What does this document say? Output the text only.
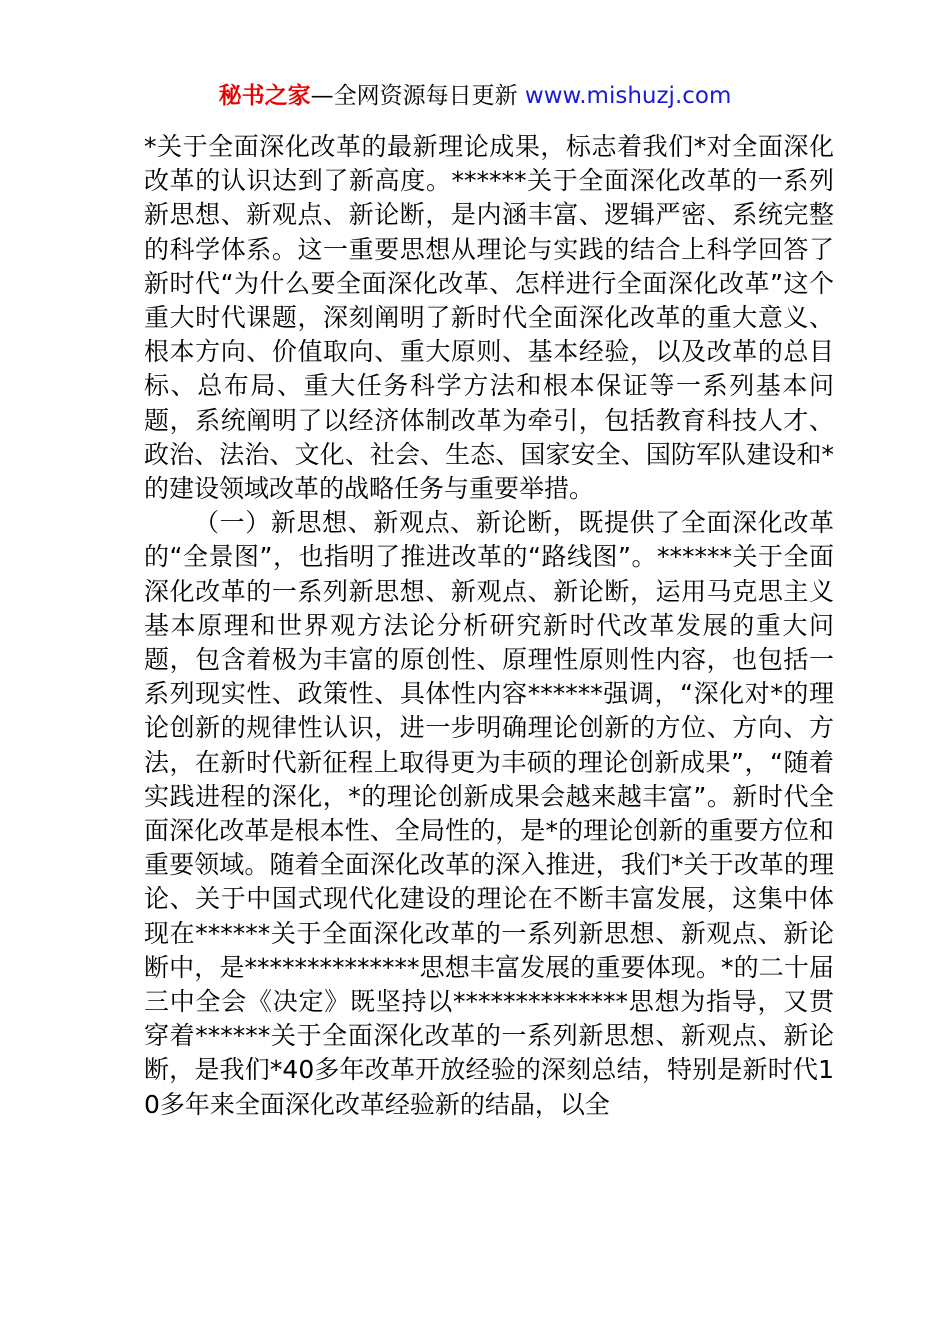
秘书之家—全网资源每日更新 www.mishuzj.com

*关于全面深化改革的最新理论成果，标志着我们*对全面深化改革的认识达到了新高度。******关于全面深化改革的一系列新思想、新观点、新论断，是内涵丰富、逻辑严密、系统完整的科学体系。这一重要思想从理论与实践的结合上科学回答了新时代“为什么要全面深化改革、怎样进行全面深化改革”这个重大时代课题，深刻阐明了新时代全面深化改革的重大意义、根本方向、价值取向、重大原则、基本经验，以及改革的总目标、总布局、重大任务科学方法和根本保证等一系列基本问题，系统阐明了以经济体制改革为牵引，包括教育科技人才、政治、法治、文化、社会、生态、国家安全、国防军队建设和*的建设领域改革的战略任务与重要举措。

（一）新思想、新观点、新论断，既提供了全面深化改革的“全景图”，也指明了推进改革的“路线图”。******关于全面深化改革的一系列新思想、新观点、新论断，运用马克思主义基本原理和世界观方法论分析研究新时代改革发展的重大问题，包含着极为丰富的原创性、原理性原则性内容，也包括一系列现实性、政策性、具体性内容******强调，“深化对*的理论创新的规律性认识，进一步明确理论创新的方位、方向、方法，在新时代新征程上取得更为丰硕的理论创新成果”，“随着实践进程的深化，*的理论创新成果会越来越丰富”。新时代全面深化改革是根本性、全局性的，是*的理论创新的重要方位和重要领域。随着全面深化改革的深入推进，我们*关于改革的理论、关于中国式现代化建设的理论在不断丰富发展，这集中体现在******关于全面深化改革的一系列新思想、新观点、新论断中，是**************思想丰富发展的重要体现。*的二十届三中全会《决定》既坚持以**************思想为指导，又贯穿着******关于全面深化改革的一系列新思想、新观点、新论断，是我们*40多年改革开放经验的深刻总结，特别是新时代10多年来全面深化改革经验新的结晶，以全
